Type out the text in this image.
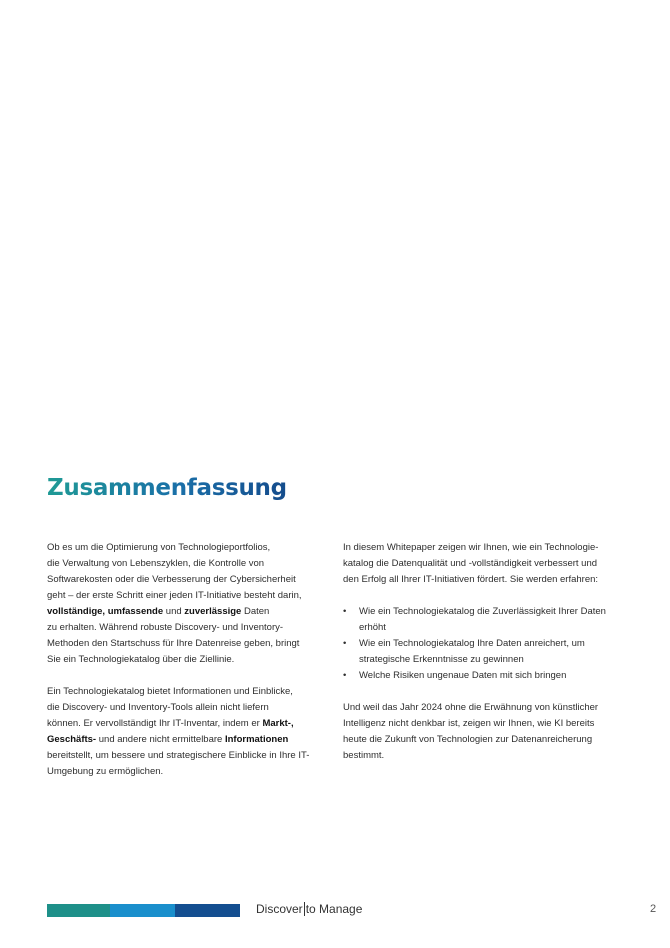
Zusammenfassung

Ob es um die Optimierung von Technologieportfolios,

die Verwaltung von Lebenszyklen, die Kontrolle von

Softwarekosten oder die Verbesserung der Cybersicherheit

geht – der erste Schritt einer jeden IT-Initiative besteht darin,

vollständige, umfassende und zuverlässige Daten

zu erhalten. Während robuste Discovery- und Inventory-

Methoden den Startschuss für Ihre Datenreise geben, bringt

Sie ein Technologiekatalog über die Ziellinie.

Ein Technologiekatalog bietet Informationen und Einblicke,

die Discovery- und Inventory-Tools allein nicht liefern

können. Er vervollständigt Ihr IT-Inventar, indem er Markt-,

Geschäfts- und andere nicht ermittelbare Informationen

bereitstellt, um bessere und strategischere Einblicke in Ihre IT-

Umgebung zu ermöglichen.

In diesem Whitepaper zeigen wir Ihnen, wie ein Technologie-

katalog die Datenqualität und -vollständigkeit verbessert und

den Erfolg all Ihrer IT-Initiativen fördert. Sie werden erfahren:

• Wie ein Technologiekatalog die Zuverlässigkeit Ihrer Daten
erhöht
• Wie ein Technologiekatalog Ihre Daten anreichert, um
strategische Erkenntnisse zu gewinnen
• Welche Risiken ungenaue Daten mit sich bringen

Und weil das Jahr 2024 ohne die Erwähnung von künstlicher

Intelligenz nicht denkbar ist, zeigen wir Ihnen, wie KI bereits

heute die Zukunft von Technologien zur Datenanreicherung

bestimmt.

Discover to Manage	2
